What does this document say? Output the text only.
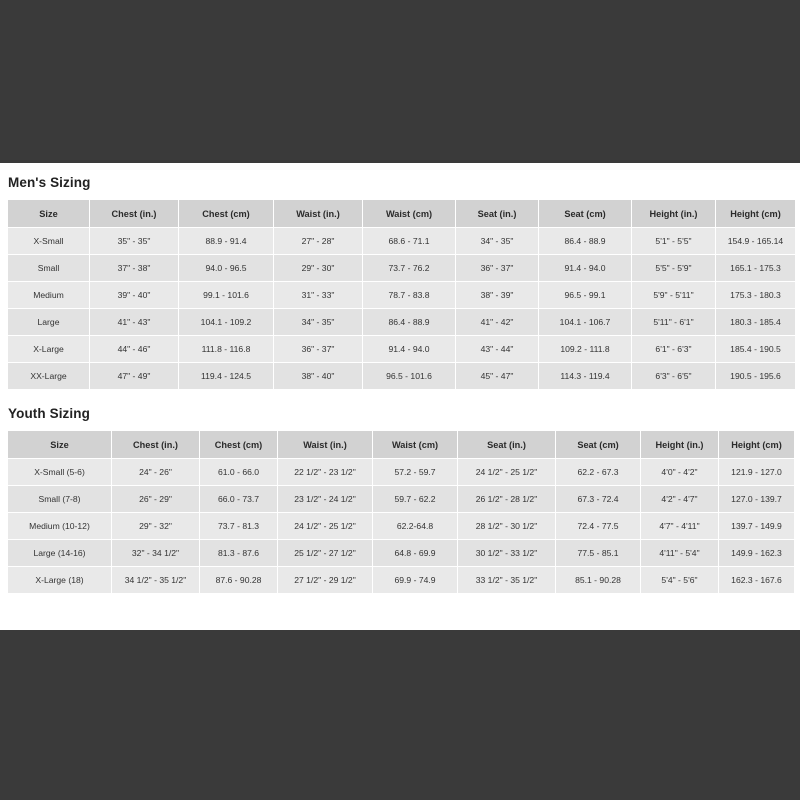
Men's Sizing
Size	Chest (in.)	Chest (cm)	Waist (in.)	Waist (cm)	Seat (in.)	Seat (cm)	Height (in.)	Height (cm)
X-Small	35" - 35"	88.9 - 91.4	27" - 28"	68.6 - 71.1	34" - 35"	86.4 - 88.9	5'1" - 5'5"	154.9 - 165.14
Small	37" - 38"	94.0 - 96.5	29" - 30"	73.7 - 76.2	36" - 37"	91.4 - 94.0	5'5" - 5'9"	165.1 - 175.3
Medium	39" - 40"	99.1 - 101.6	31" - 33"	78.7 - 83.8	38" - 39"	96.5 - 99.1	5'9" - 5'11"	175.3 - 180.3
Large	41" - 43"	104.1 - 109.2	34" - 35"	86.4 - 88.9	41" - 42"	104.1 - 106.7	5'11" - 6'1"	180.3 - 185.4
X-Large	44" - 46"	111.8 - 116.8	36" - 37"	91.4 - 94.0	43" - 44"	109.2 - 111.8	6'1" - 6'3"	185.4 - 190.5
XX-Large	47" - 49"	119.4 - 124.5	38" - 40"	96.5 - 101.6	45" - 47"	114.3 - 119.4	6'3" - 6'5"	190.5 - 195.6
Youth Sizing
Size	Chest (in.)	Chest (cm)	Waist (in.)	Waist (cm)	Seat (in.)	Seat (cm)	Height (in.)	Height (cm)
X-Small (5-6)	24" - 26"	61.0 - 66.0	22 1/2" - 23 1/2"	57.2 - 59.7	24 1/2" - 25 1/2"	62.2 - 67.3	4'0" - 4'2"	121.9 - 127.0
Small (7-8)	26" - 29"	66.0 - 73.7	23 1/2" - 24 1/2"	59.7 - 62.2	26 1/2" - 28 1/2"	67.3 - 72.4	4'2" - 4'7"	127.0 - 139.7
Medium (10-12)	29" - 32"	73.7 - 81.3	24 1/2" - 25 1/2"	62.2-64.8	28 1/2" - 30 1/2"	72.4 - 77.5	4'7" - 4'11"	139.7 - 149.9
Large (14-16)	32" - 34 1/2"	81.3 - 87.6	25 1/2" - 27 1/2"	64.8 - 69.9	30 1/2" - 33 1/2"	77.5 - 85.1	4'11" - 5'4"	149.9 - 162.3
X-Large (18)	34 1/2" - 35 1/2"	87.6 - 90.28	27 1/2" - 29 1/2"	69.9 - 74.9	33 1/2" - 35 1/2"	85.1 - 90.28	5'4" - 5'6"	162.3 - 167.6
